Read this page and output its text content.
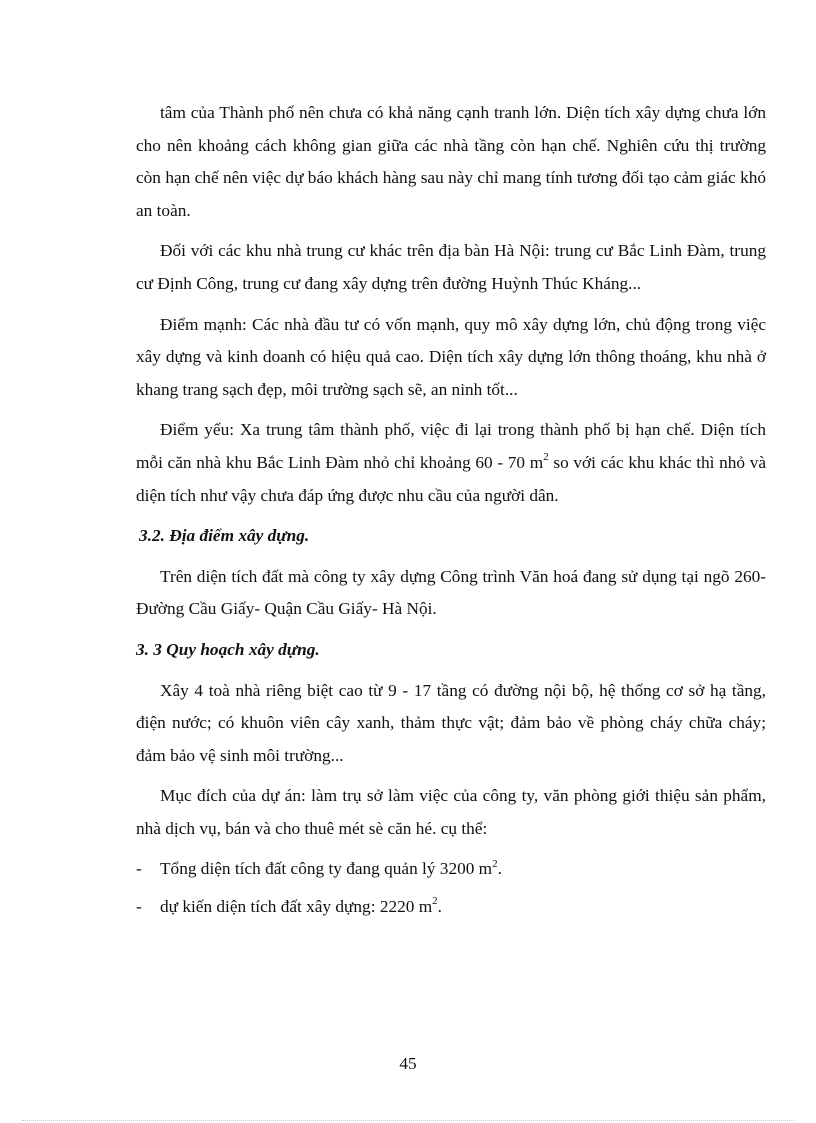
tâm của Thành phố nên chưa có khả năng cạnh tranh lớn. Diện tích xây dựng chưa lớn cho nên khoảng cách không gian giữa các nhà tầng còn hạn chế. Nghiên cứu thị trường còn hạn chế nên việc dự báo khách hàng sau này chỉ mang tính tương đối tạo cảm giác khó an toàn.

Đối với các khu nhà trung cư khác trên địa bàn Hà Nội: trung cư Bắc Linh Đàm, trung cư Định Công, trung cư đang xây dựng trên đường Huỳnh Thúc Kháng...

Điểm mạnh: Các nhà đầu tư có vốn mạnh, quy mô xây dựng lớn, chủ động trong việc xây dựng và kinh doanh có hiệu quả cao. Diện tích xây dựng lớn thông thoáng, khu nhà ở khang trang sạch đẹp, môi trường sạch sẽ, an ninh tốt...

Điểm yếu: Xa trung tâm thành phố, việc đi lại trong thành phố bị hạn chế. Diện tích mỗi căn nhà khu Bắc Linh Đàm nhỏ chỉ khoảng 60 - 70 $m^2$ so với các khu khác thì nhỏ và diện tích như vậy chưa đáp ứng được nhu cầu của người dân.

3.2. Địa điểm xây dựng.

Trên diện tích đất mà công ty xây dựng Công trình Văn hoá đang sử dụng tại ngõ 260- Đường Cầu Giấy- Quận Cầu Giấy- Hà Nội.

3. 3 Quy hoạch xây dựng.

Xây 4 toà nhà riêng biệt cao từ 9 - 17 tầng có đường nội bộ, hệ thống cơ sở hạ tầng, điện nước; có khuôn viên cây xanh, thảm thực vật; đảm bảo về phòng cháy chữa cháy; đảm bảo vệ sinh môi trường...

Mục đích của dự án: làm trụ sở làm việc của công ty, văn phòng giới thiệu sản phẩm, nhà dịch vụ, bán và cho thuê mét sè căn hé. cụ thể:

-	Tổng diện tích đất công ty đang quản lý 3200 $m^2$.
-	dự kiến diện tích đất xây dựng: 2220 $m^2$.
45
